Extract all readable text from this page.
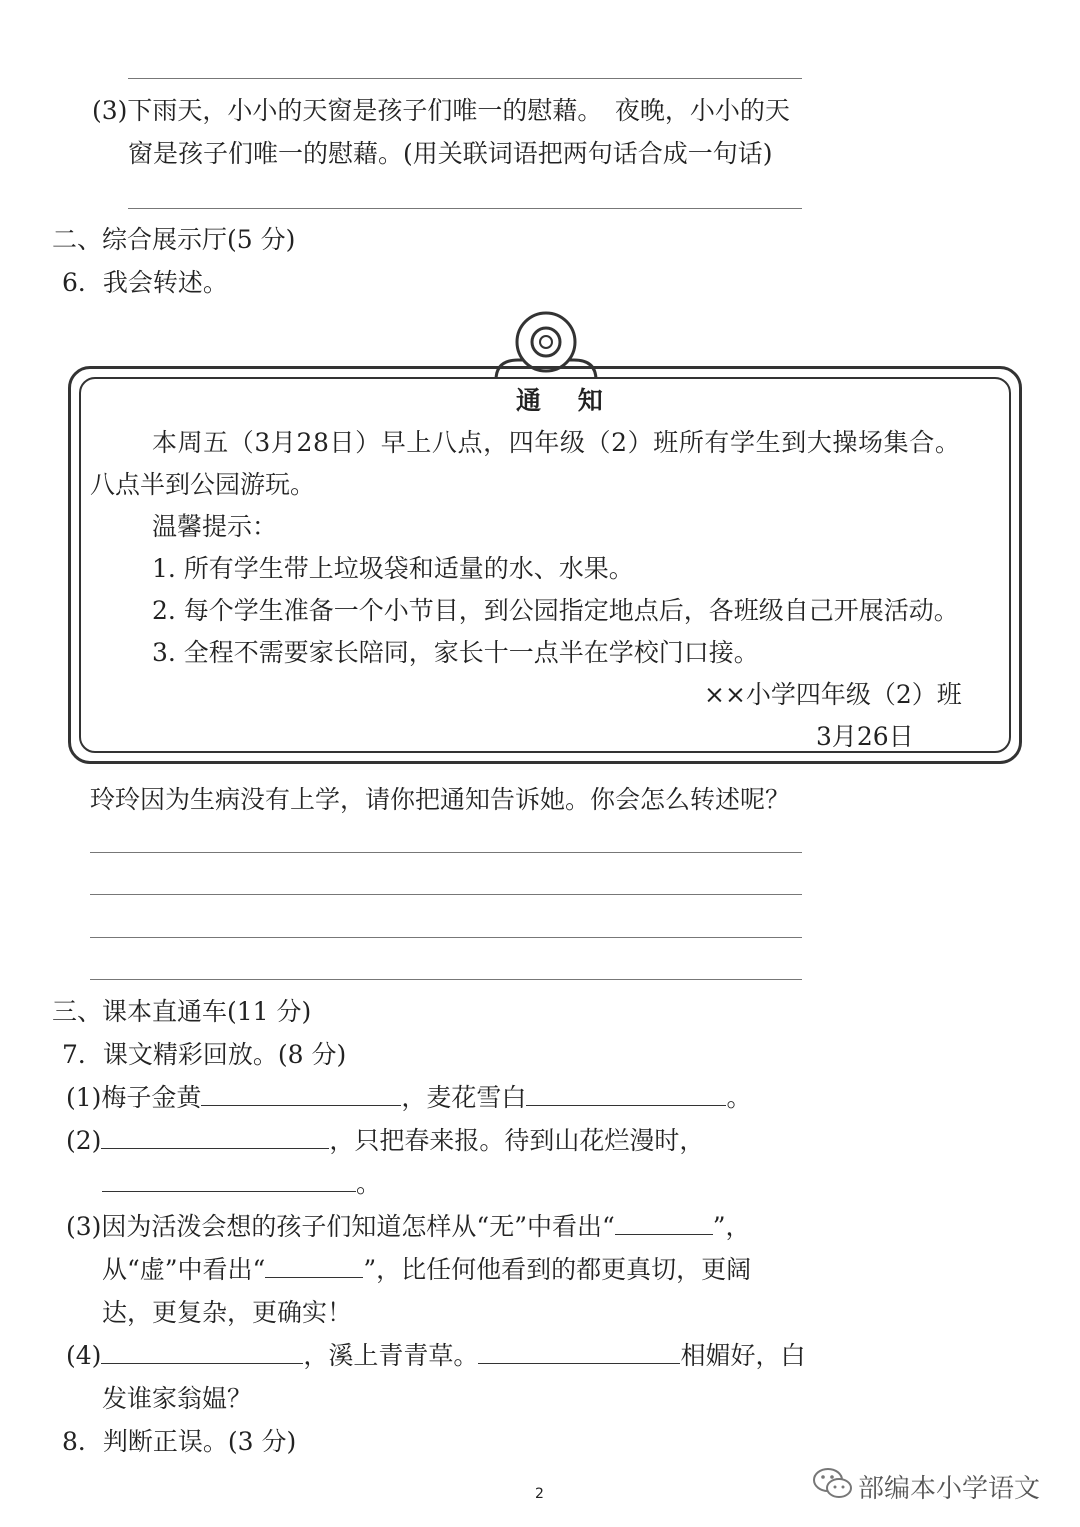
(3)下雨天，小小的天窗是孩子们唯一的慰藉。　夜晚，小小的天
窗是孩子们唯一的慰藉。(用关联词语把两句话合成一句话)
二、综合展示厅(5 分)
6．我会转述。
通 知
本周五（3月28日）早上八点，四年级（2）班所有学生到大操场集合。
八点半到公园游玩。
温馨提示：
1. 所有学生带上垃圾袋和适量的水、水果。
2. 每个学生准备一个小节目，到公园指定地点后，各班级自己开展活动。
3. 全程不需要家长陪同，家长十一点半在学校门口接。
××小学四年级（2）班
3月26日
玲玲因为生病没有上学，请你把通知告诉她。你会怎么转述呢？
三、课本直通车(11 分)
7．课文精彩回放。(8 分)
(1)梅子金黄	，麦花雪白	。
(2)	，只把春来报。待到山花烂漫时，
。
(3)因为活泼会想的孩子们知道怎样从“无”中看出“	”，
从“虚”中看出“	”，比任何他看到的都更真切，更阔
达，更复杂，更确实！
(4)	，溪上青青草。	相媚好，白
发谁家翁媪？
8．判断正误。(3 分)
2	部编本小学语文
